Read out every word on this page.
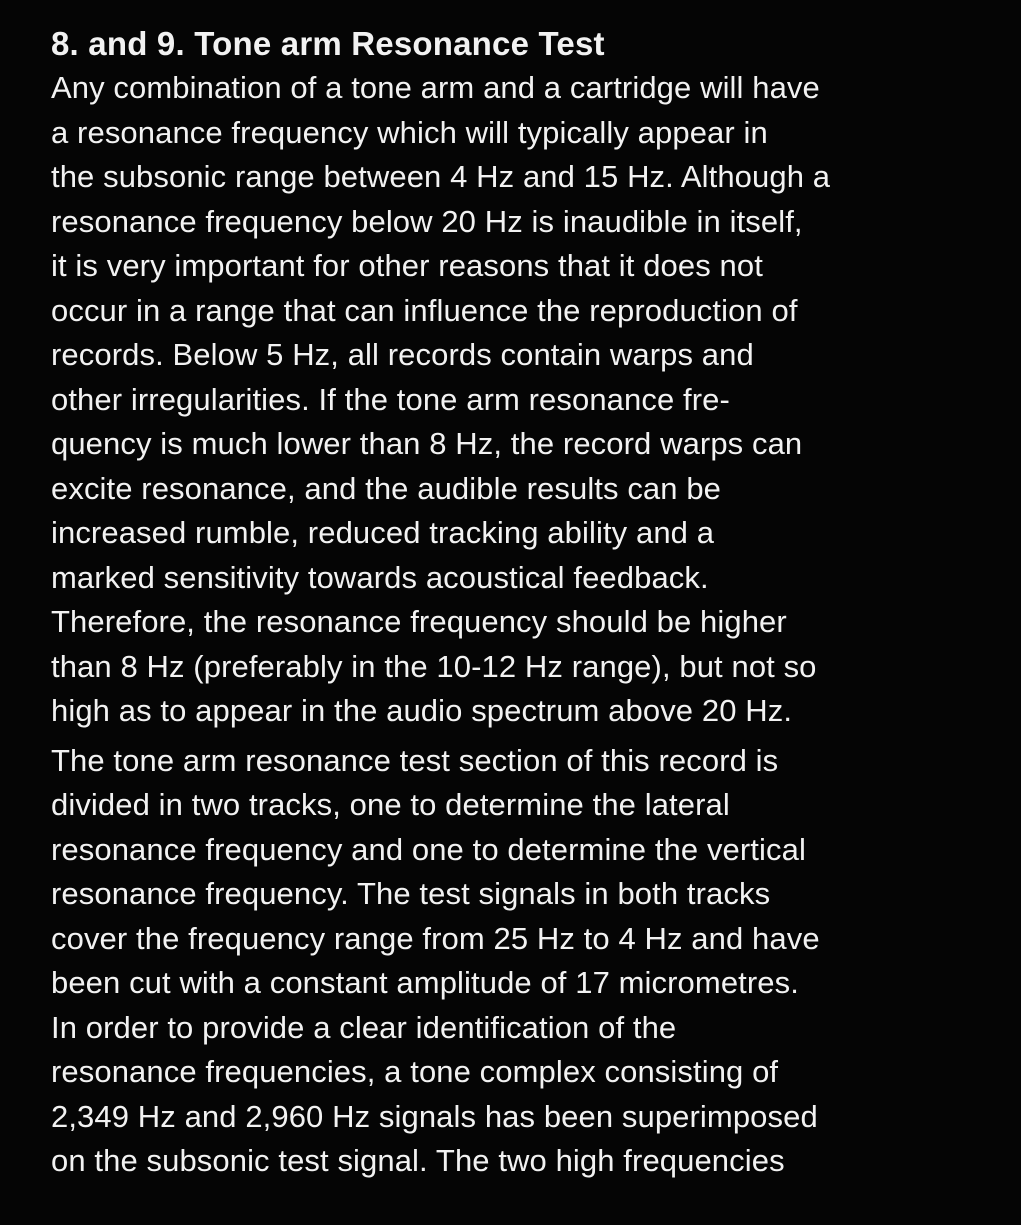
8. and 9. Tone arm Resonance Test
Any combination of a tone arm and a cartridge will have
a resonance frequency which will typically appear in
the subsonic range between 4 Hz and 15 Hz. Although a
resonance frequency below 20 Hz is inaudible in itself,
it is very important for other reasons that it does not
occur in a range that can influence the reproduction of
records. Below 5 Hz, all records contain warps and
other irregularities. If the tone arm resonance fre-
quency is much lower than 8 Hz, the record warps can
excite resonance, and the audible results can be
increased rumble, reduced tracking ability and a
marked sensitivity towards acoustical feedback.
Therefore, the resonance frequency should be higher
than 8 Hz (preferably in the 10-12 Hz range), but not so
high as to appear in the audio spectrum above 20 Hz.
The tone arm resonance test section of this record is
divided in two tracks, one to determine the lateral
resonance frequency and one to determine the vertical
resonance frequency. The test signals in both tracks
cover the frequency range from 25 Hz to 4 Hz and have
been cut with a constant amplitude of 17 micrometres.
In order to provide a clear identification of the
resonance frequencies, a tone complex consisting of
2,349 Hz and 2,960 Hz signals has been superimposed
on the subsonic test signal. The two high frequencies
